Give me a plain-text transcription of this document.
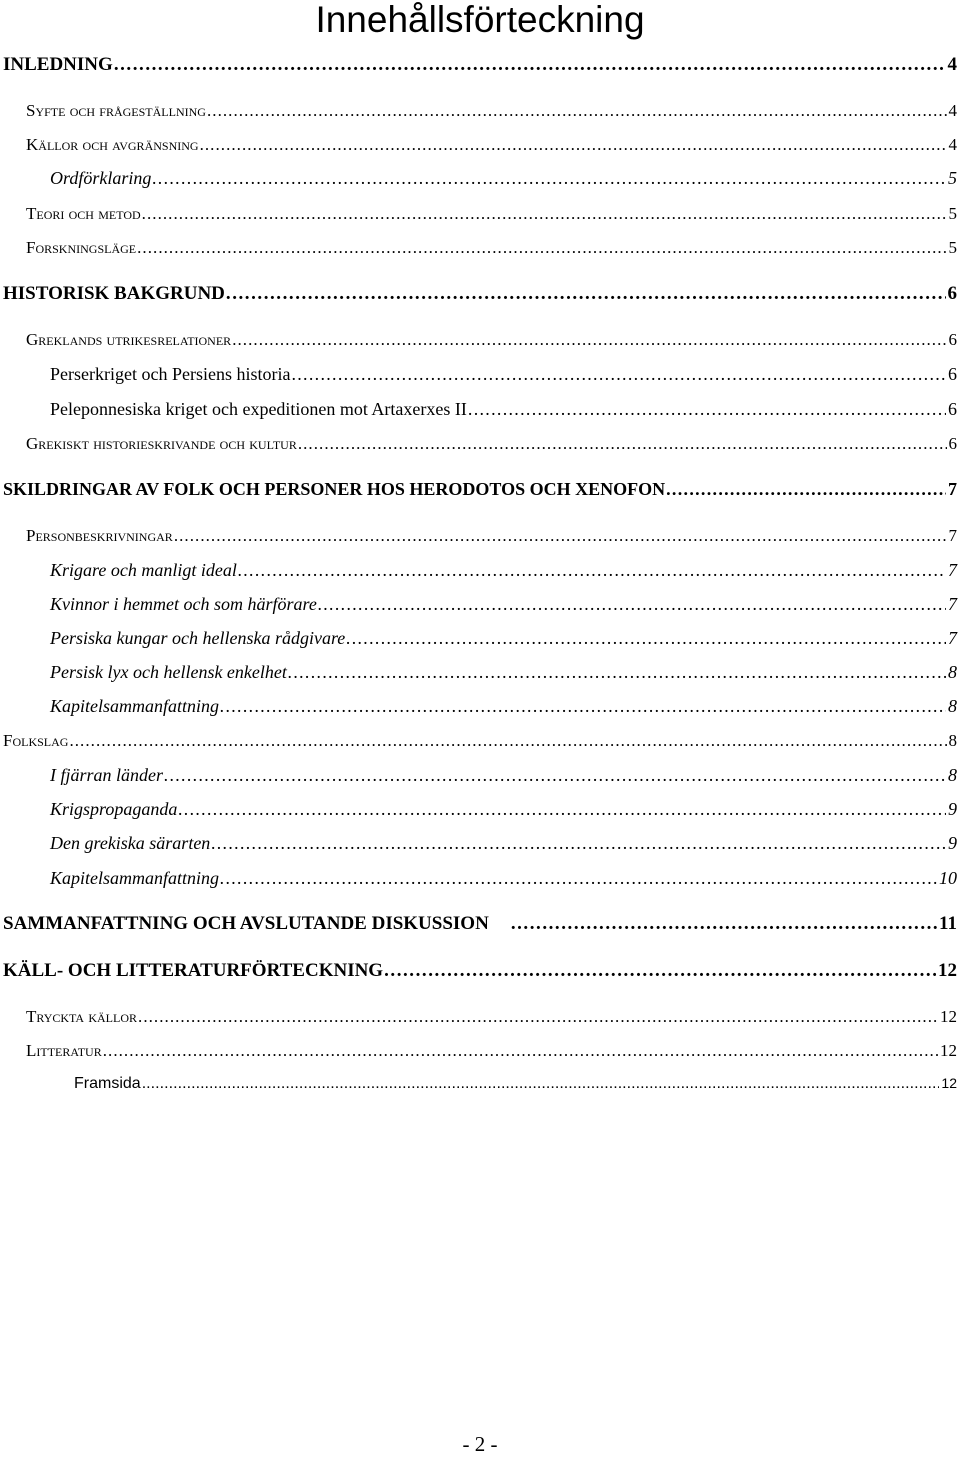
Innehållsförteckning
INLEDNING . . .	4
Syfte och frågeställning . . .	4
Källor och avgränsning . . .	4
Ordförklaring . . .	5
Teori och metod . . .	5
Forskningsläge . . .	5
HISTORISK BAKGRUND . . .	6
Greklands utrikesrelationer . . .	6
Perserkriget och Persiens historia . . .	6
Peleponnesiska kriget och expeditionen mot Artaxerxes II . . .	6
Grekiskt historieskrivande och kultur . . .	6
SKILDRINGAR AV FOLK OCH PERSONER HOS HERODOTOS OCH XENOFON . . .	7
Personbeskrivningar . . .	7
Krigare och manligt ideal . . .	7
Kvinnor i hemmet och som härförare . . .	7
Persiska kungar och hellenska rådgivare . . .	7
Persisk lyx och hellensk enkelhet . . .	8
Kapitelsammanfattning . . .	8
Folkslag . . .	8
I fjärran länder . . .	8
Krigspropaganda . . .	9
Den grekiska särarten . . .	9
Kapitelsammanfattning . . .	10
SAMMANFATTNING OCH AVSLUTANDE DISKUSSION . . .	11
KÄLL- OCH LITTERATURFÖRTECKNING . . .	12
Tryckta källor . . .	12
Litteratur . . .	12
Framsida . . .	12
- 2 -
